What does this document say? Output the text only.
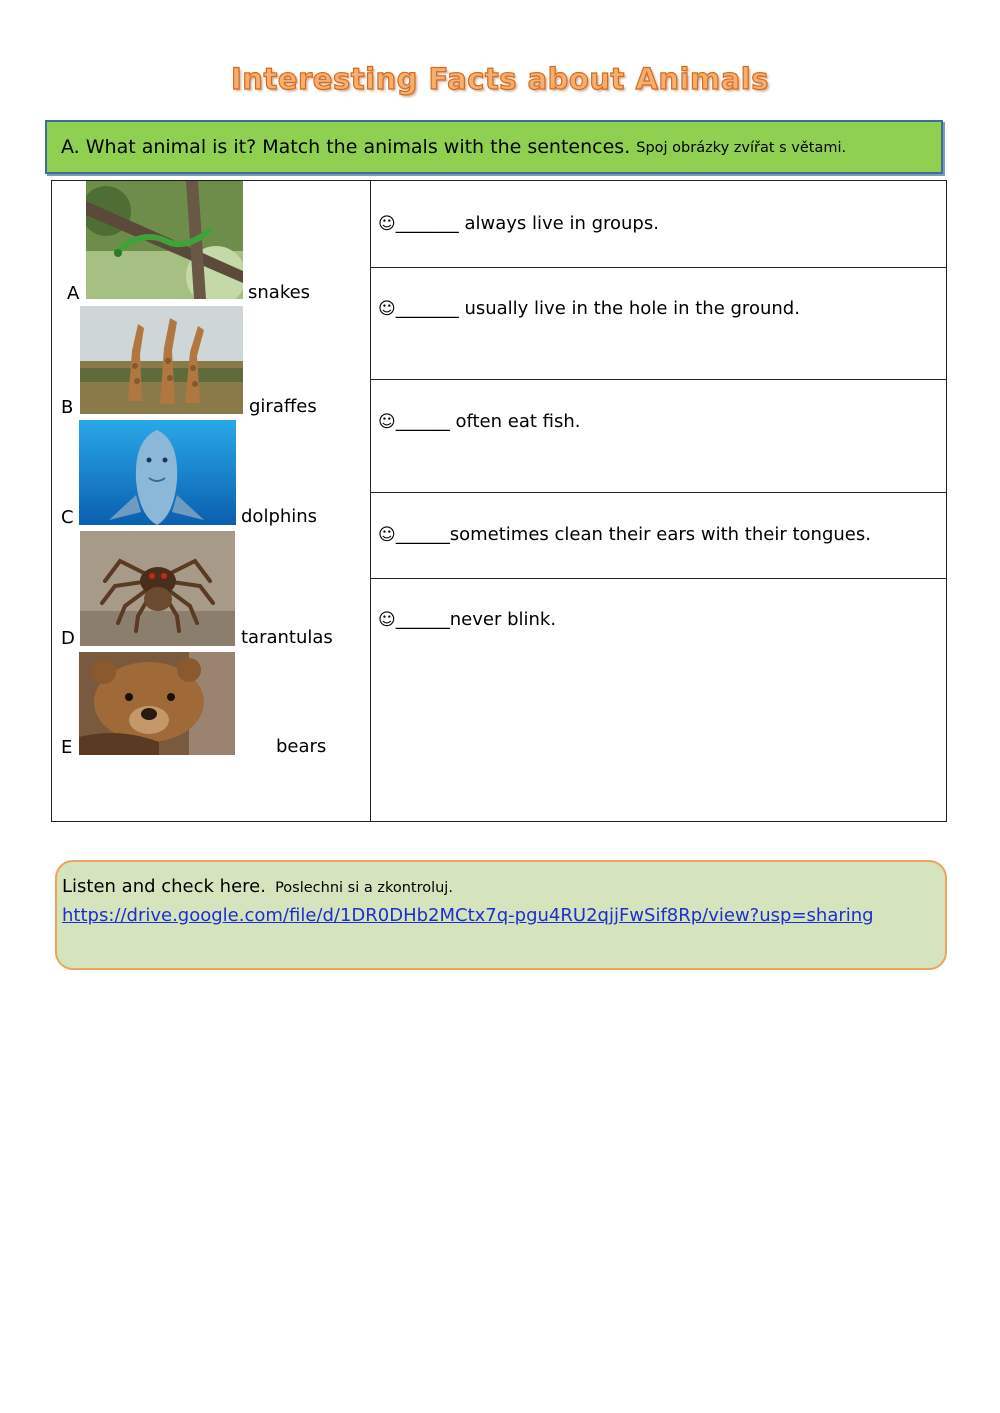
Interesting Facts about Animals
A. What animal is it? Match the animals with the sentences. Spoj obrázky zvířat s větami.
A	snakes
B	giraffes
C	dolphins
D	tarantulas
E	bears
☺_______ always live in groups.
☺_______ usually live in the hole in the ground.
☺______ often eat fish.
☺______sometimes clean their ears with their tongues.
☺______never blink.
Listen and check here. Poslechni si a zkontroluj.
https://drive.google.com/file/d/1DR0DHb2MCtx7q-pgu4RU2qjjFwSif8Rp/view?usp=sharing
